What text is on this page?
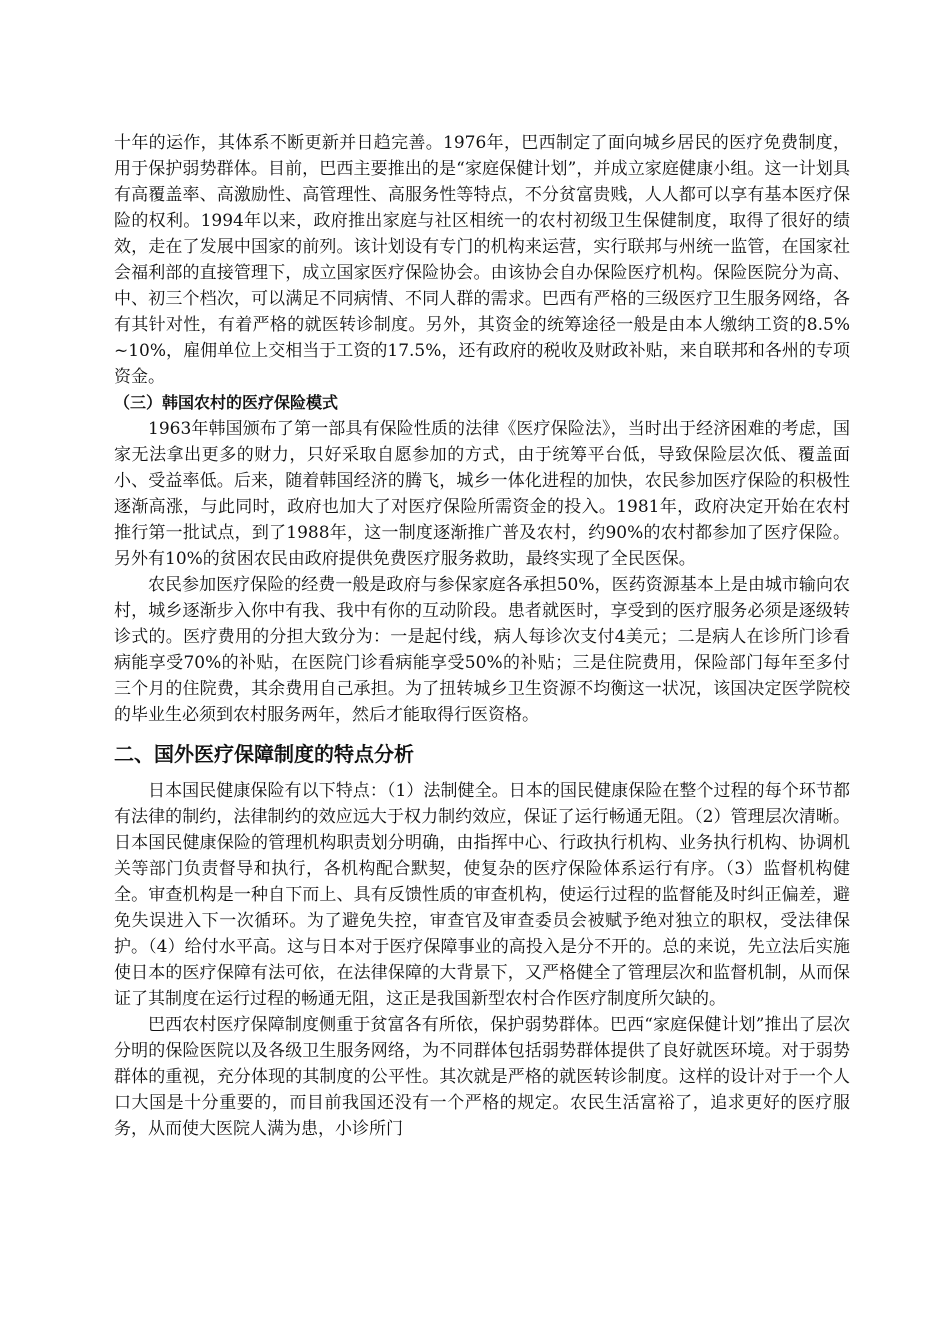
十年的运作，其体系不断更新并日趋完善。1976年，巴西制定了面向城乡居民的医疗免费制度，用于保护弱势群体。目前，巴西主要推出的是“家庭保健计划”，并成立家庭健康小组。这一计划具有高覆盖率、高激励性、高管理性、高服务性等特点，不分贫富贵贱，人人都可以享有基本医疗保险的权利。1994年以来，政府推出家庭与社区相统一的农村初级卫生保健制度，取得了很好的绩效，走在了发展中国家的前列。该计划设有专门的机构来运营，实行联邦与州统一监管，在国家社会福利部的直接管理下，成立国家医疗保险协会。由该协会自办保险医疗机构。保险医院分为高、中、初三个档次，可以满足不同病情、不同人群的需求。巴西有严格的三级医疗卫生服务网络，各有其针对性，有着严格的就医转诊制度。另外，其资金的统筹途径一般是由本人缴纳工资的8.5%~10%，雇佣单位上交相当于工资的17.5%，还有政府的税收及财政补贴，来自联邦和各州的专项资金。

（三）韩国农村的医疗保险模式

1963年韩国颁布了第一部具有保险性质的法律《医疗保险法》，当时出于经济困难的考虑，国家无法拿出更多的财力，只好采取自愿参加的方式，由于统筹平台低，导致保险层次低、覆盖面小、受益率低。后来，随着韩国经济的腾飞，城乡一体化进程的加快，农民参加医疗保险的积极性逐渐高涨，与此同时，政府也加大了对医疗保险所需资金的投入。1981年，政府决定开始在农村推行第一批试点，到了1988年，这一制度逐渐推广普及农村，约90%的农村都参加了医疗保险。另外有10%的贫困农民由政府提供免费医疗服务救助，最终实现了全民医保。

农民参加医疗保险的经费一般是政府与参保家庭各承担50%，医药资源基本上是由城市输向农村，城乡逐渐步入你中有我、我中有你的互动阶段。患者就医时，享受到的医疗服务必须是逐级转诊式的。医疗费用的分担大致分为：一是起付线，病人每诊次支付4美元；二是病人在诊所门诊看病能享受70%的补贴，在医院门诊看病能享受50%的补贴；三是住院费用，保险部门每年至多付三个月的住院费，其余费用自己承担。为了扭转城乡卫生资源不均衡这一状况，该国决定医学院校的毕业生必须到农村服务两年，然后才能取得行医资格。

二、国外医疗保障制度的特点分析

日本国民健康保险有以下特点：（1）法制健全。日本的国民健康保险在整个过程的每个环节都有法律的制约，法律制约的效应远大于权力制约效应，保证了运行畅通无阻。（2）管理层次清晰。日本国民健康保险的管理机构职责划分明确，由指挥中心、行政执行机构、业务执行机构、协调机关等部门负责督导和执行，各机构配合默契，使复杂的医疗保险体系运行有序。（3）监督机构健全。审查机构是一种自下而上、具有反馈性质的审查机构，使运行过程的监督能及时纠正偏差，避免失误进入下一次循环。为了避免失控，审查官及审查委员会被赋予绝对独立的职权，受法律保护。（4）给付水平高。这与日本对于医疗保障事业的高投入是分不开的。总的来说，先立法后实施使日本的医疗保障有法可依，在法律保障的大背景下，又严格健全了管理层次和监督机制，从而保证了其制度在运行过程的畅通无阻，这正是我国新型农村合作医疗制度所欠缺的。

巴西农村医疗保障制度侧重于贫富各有所依，保护弱势群体。巴西“家庭保健计划”推出了层次分明的保险医院以及各级卫生服务网络，为不同群体包括弱势群体提供了良好就医环境。对于弱势群体的重视，充分体现的其制度的公平性。其次就是严格的就医转诊制度。这样的设计对于一个人口大国是十分重要的，而目前我国还没有一个严格的规定。农民生活富裕了，追求更好的医疗服务，从而使大医院人满为患，小诊所门
